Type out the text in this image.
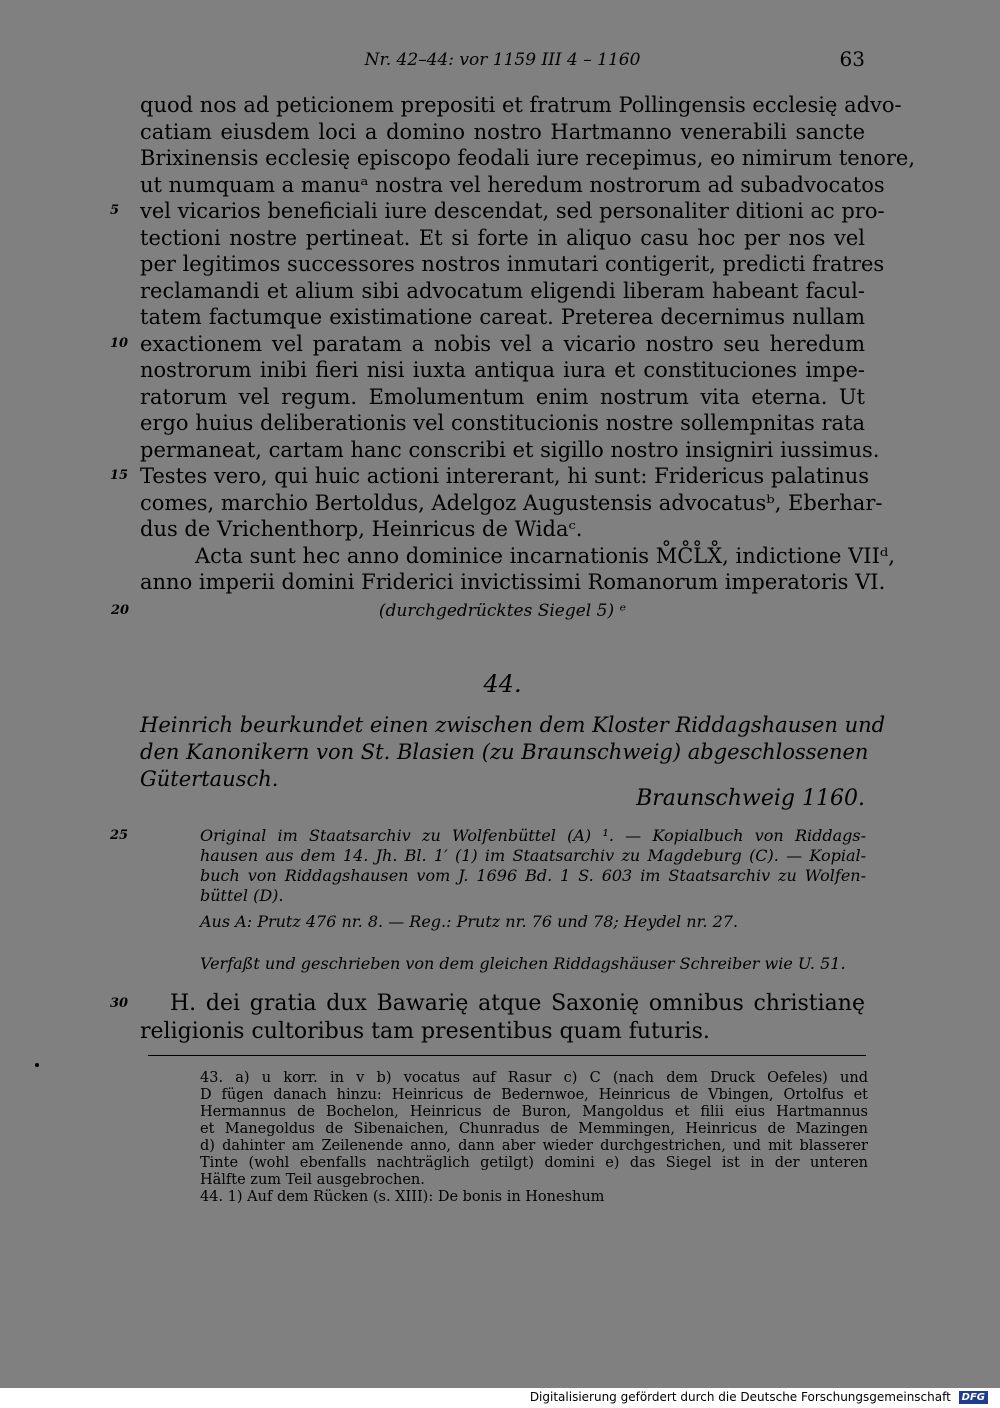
Nr. 42–44: vor 1159 III 4 – 1160	63
quod nos ad peticionem prepositi et fratrum Pollingensis ecclesię advo-
catiam eiusdem loci a domino nostro Hartmanno venerabili sancte
Brixinensis ecclesię episcopo feodali iure recepimus, eo nimirum tenore,
ut numquam a manuᵃ nostra vel heredum nostrorum ad subadvocatos
vel vicarios beneficiali iure descendat, sed personaliter ditioni ac pro-
5
tectioni nostre pertineat. Et si forte in aliquo casu hoc per nos vel
per legitimos successores nostros inmutari contigerit, predicti fratres
reclamandi et alium sibi advocatum eligendi liberam habeant facul-
tatem factumque existimatione careat. Preterea decernimus nullam
exactionem vel paratam a nobis vel a vicario nostro seu heredum
10
nostrorum inibi fieri nisi iuxta antiqua iura et constituciones impe-
ratorum vel regum. Emolumentum enim nostrum vita eterna. Ut
ergo huius deliberationis vel constitucionis nostre sollempnitas rata
permaneat, cartam hanc conscribi et sigillo nostro insigniri iussimus.
Testes vero, qui huic actioni intererant, hi sunt: Fridericus palatinus
15
comes, marchio Bertoldus, Adelgoz Augustensis advocatusᵇ, Eberhar-
dus de Vrichenthorp, Heinricus de Widaᶜ.
Acta sunt hec anno dominice incarnationis M̊C̊L̊X̊, indictione VIIᵈ,
anno imperii domini Friderici invictissimi Romanorum imperatoris VI.
(durchgedrücktes Siegel 5) ᵉ
20
44.
Heinrich beurkundet einen zwischen dem Kloster Riddagshausen und
den Kanonikern von St. Blasien (zu Braunschweig) abgeschlossenen
Gütertausch.
Braunschweig 1160.
Original im Staatsarchiv zu Wolfenbüttel (A) ¹. — Kopialbuch von Riddags-
25
hausen aus dem 14. Jh. Bl. 1′ (1) im Staatsarchiv zu Magdeburg (C). — Kopial-
buch von Riddagshausen vom J. 1696 Bd. 1 S. 603 im Staatsarchiv zu Wolfen-
büttel (D).
Aus A: Prutz 476 nr. 8. — Reg.: Prutz nr. 76 und 78; Heydel nr. 27.
Verfaßt und geschrieben von dem gleichen Riddagshäuser Schreiber wie U. 51.
H. dei gratia dux Bawarię atque Saxonię omnibus christianę
30
religionis cultoribus tam presentibus quam futuris.
43. a) u korr. in v b) vocatus auf Rasur c) C (nach dem Druck Oefeles) und
D fügen danach hinzu: Heinricus de Bedernwoe, Heinricus de Vbingen, Ortolfus et
Hermannus de Bochelon, Heinricus de Buron, Mangoldus et filii eius Hartmannus
et Manegoldus de Sibenaichen, Chunradus de Memmingen, Heinricus de Mazingen
d) dahinter am Zeilenende anno, dann aber wieder durchgestrichen, und mit blasserer
Tinte (wohl ebenfalls nachträglich getilgt) domini e) das Siegel ist in der unteren
Hälfte zum Teil ausgebrochen.
44. 1) Auf dem Rücken (s. XIII): De bonis in Honeshum
Digitalisierung gefördert durch die Deutsche Forschungsgemeinschaft DFG
